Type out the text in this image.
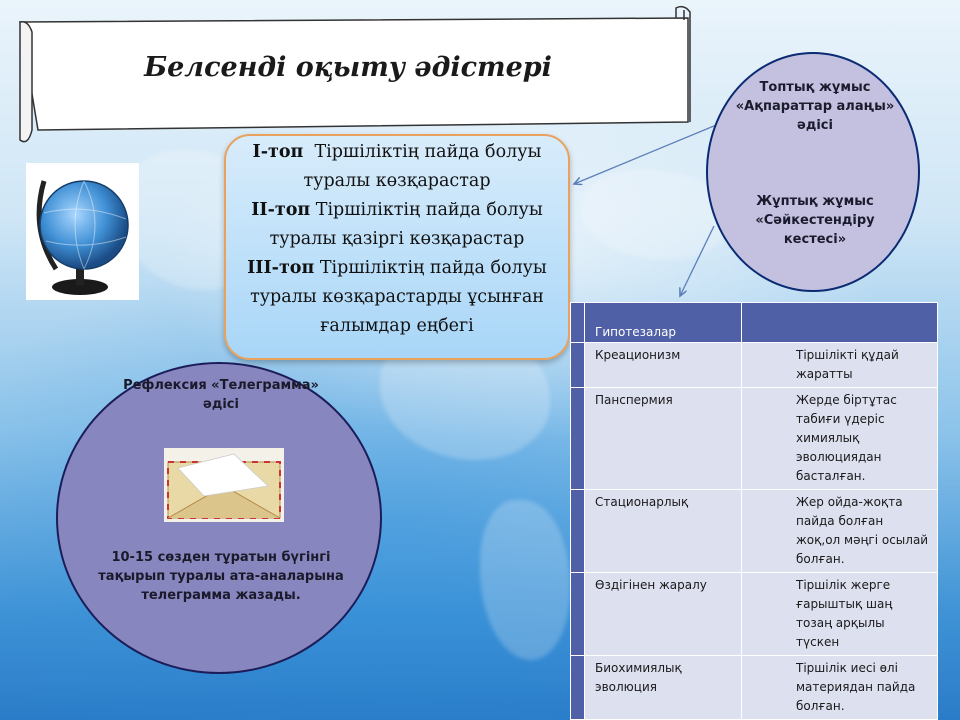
Белсенді оқыту әдістері
І-топ Тіршіліктің пайда болуы туралы көзқарастар
ІІ-топ Тіршіліктің пайда болуы туралы қазіргі көзқарастар
ІІІ-топ Тіршіліктің пайда болуы туралы көзқарастарды ұсынған ғалымдар еңбегі
Топтық жұмыс «Ақпараттар алаңы» әдісі
Жұптық жұмыс «Сәйкестендіру кестесі»
Рефлексия «Телеграмма» әдісі
10-15 сөзден тұратын бүгінгі тақырып туралы ата-аналарына телеграмма жазады.
	Гипотезалар	
	Креационизм	Тіршілікті құдай жаратты
	Панспермия	Жерде біртұтас табиғи үдеріс химиялық эволюциядан басталған.
	Стационарлық	Жер ойда-жоқта пайда болған жоқ,ол мәңгі осылай болған.
	Өздігінен жаралу	Тіршілік жерге ғарыштық шаң тозаң арқылы түскен
	Биохимиялық эволюция	Тіршілік иесі өлі материядан пайда болған.
